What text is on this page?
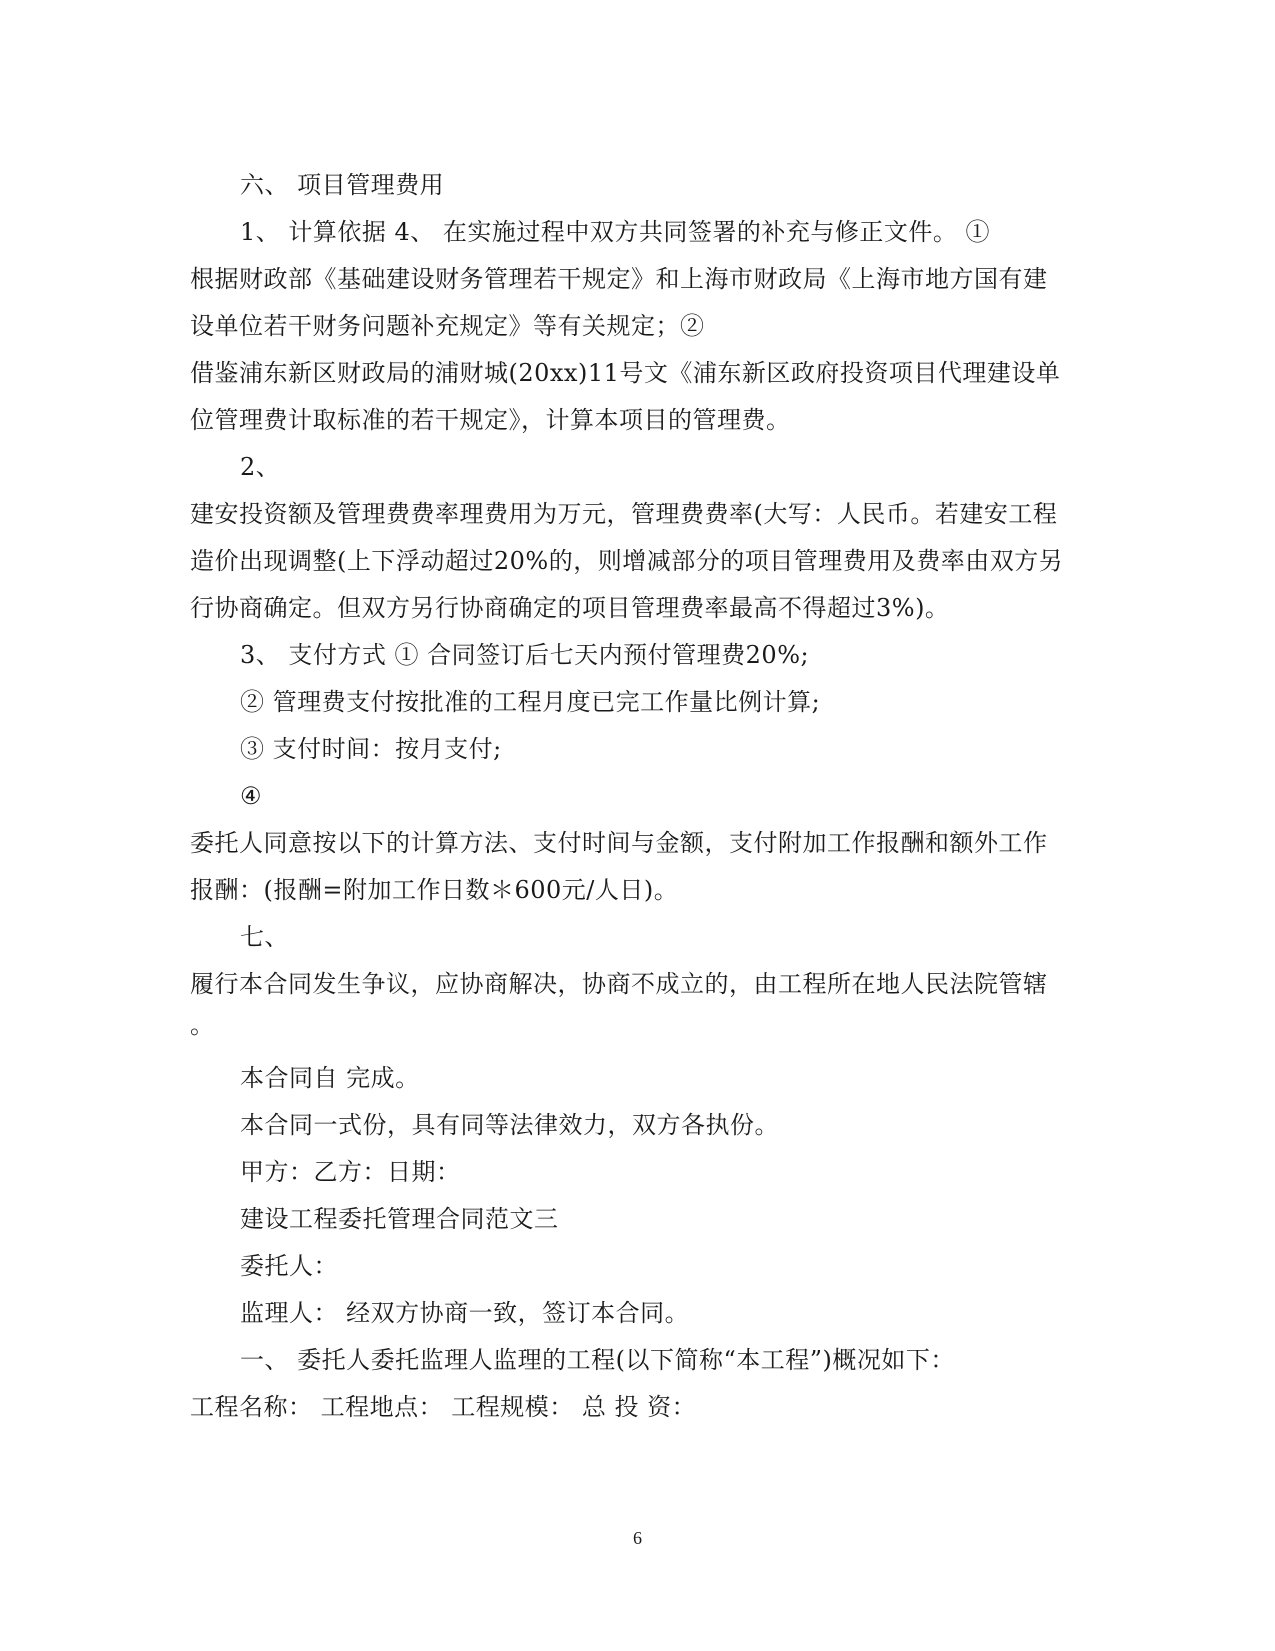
六、 项目管理费用
1、 计算依据 4、 在实施过程中双方共同签署的补充与修正文件。 ①
根据财政部《基础建设财务管理若干规定》和上海市财政局《上海市地方国有建
设单位若干财务问题补充规定》等有关规定；②
借鉴浦东新区财政局的浦财城(20xx)11号文《浦东新区政府投资项目代理建设单
位管理费计取标准的若干规定》，计算本项目的管理费。
2、
建安投资额及管理费费率理费用为万元，管理费费率(大写：人民币。若建安工程
造价出现调整(上下浮动超过20%的，则增减部分的项目管理费用及费率由双方另
行协商确定。但双方另行协商确定的项目管理费率最高不得超过3%)。
3、 支付方式 ① 合同签订后七天内预付管理费20%;
② 管理费支付按批准的工程月度已完工作量比例计算;
③ 支付时间：按月支付;
④
委托人同意按以下的计算方法、支付时间与金额，支付附加工作报酬和额外工作
报酬：(报酬=附加工作日数＊600元/人日)。
七、
履行本合同发生争议，应协商解决，协商不成立的，由工程所在地人民法院管辖
。
本合同自 完成。
本合同一式份，具有同等法律效力，双方各执份。
甲方：乙方：日期：
建设工程委托管理合同范文三
委托人：
监理人： 经双方协商一致，签订本合同。
一、 委托人委托监理人监理的工程(以下简称“本工程”)概况如下：
工程名称： 工程地点： 工程规模： 总 投 资：
6
